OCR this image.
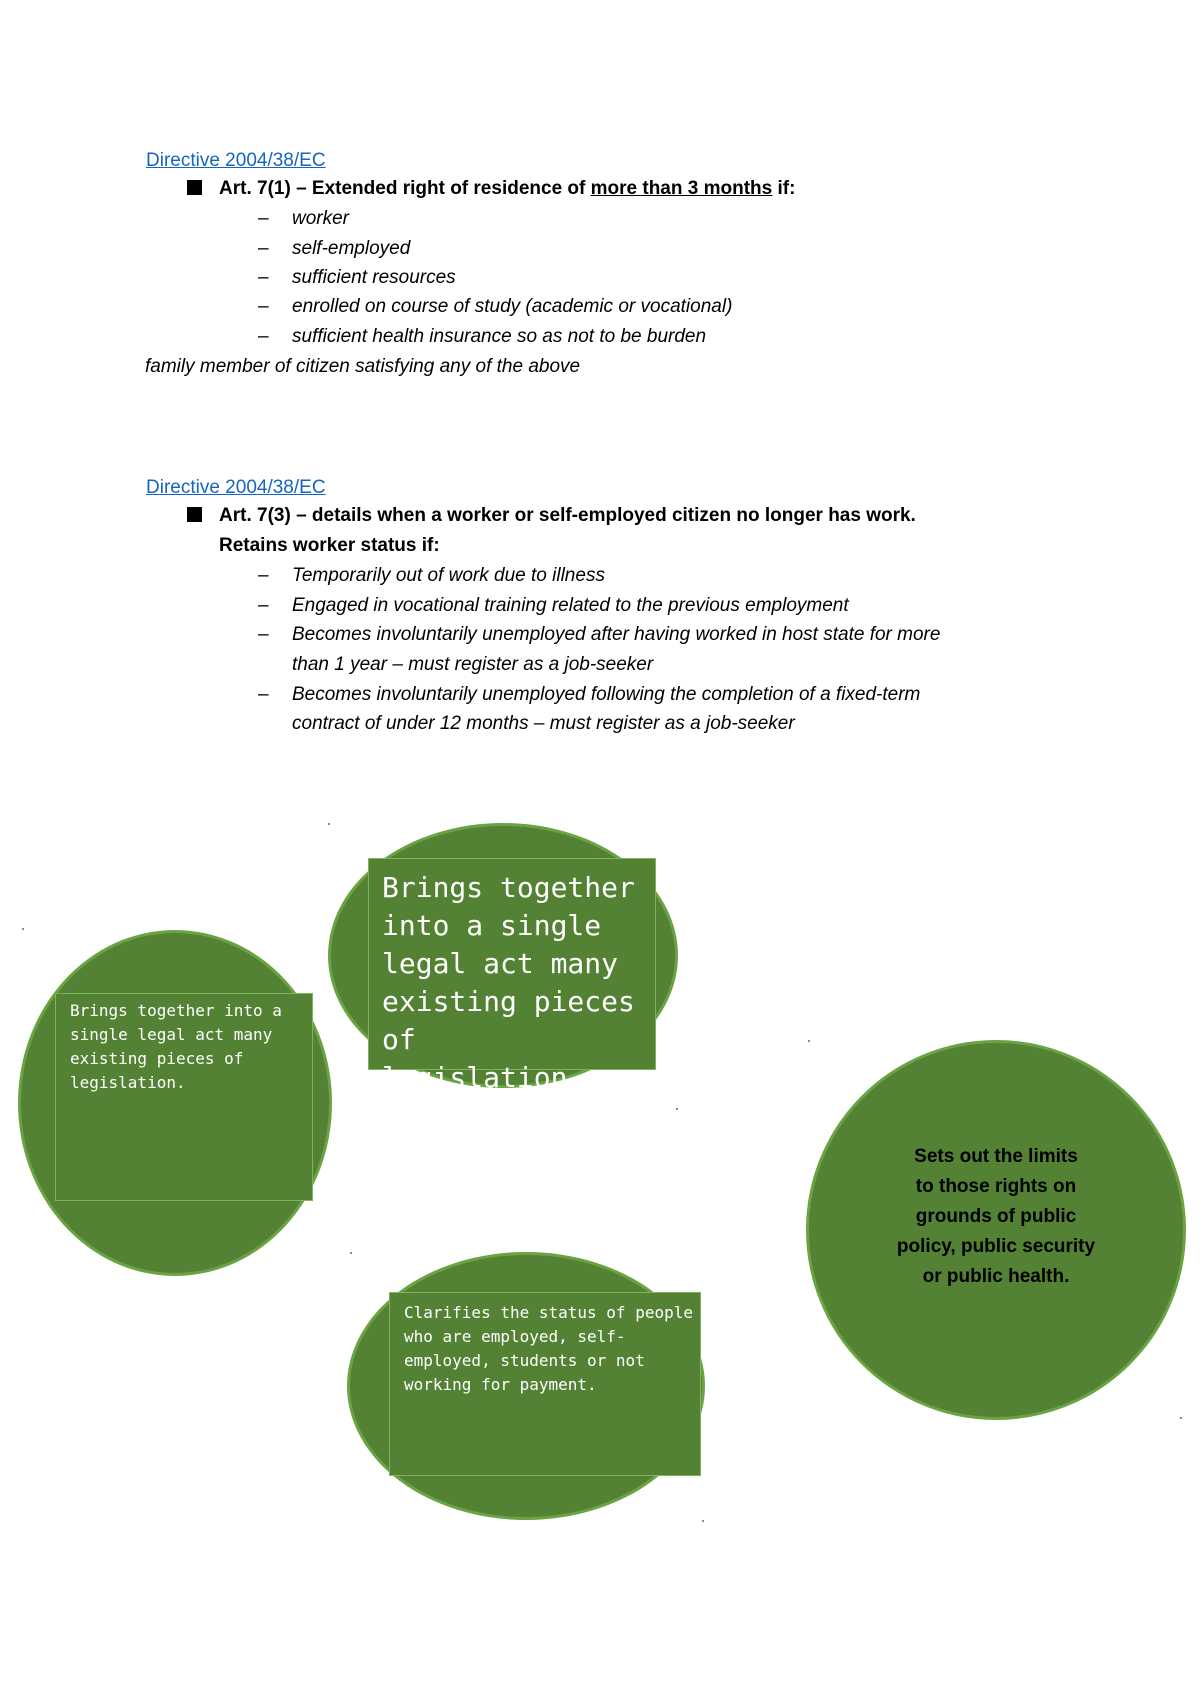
Directive 2004/38/EC
Art. 7(1) – Extended right of residence of more than 3 months if:
– worker
– self-employed
– sufficient resources
– enrolled on course of study (academic or vocational)
– sufficient health insurance so as not to be burden
family member of citizen satisfying any of the above
Directive 2004/38/EC
Art. 7(3) – details when a worker or self-employed citizen no longer has work.
Retains worker status if:
– Temporarily out of work due to illness
– Engaged in vocational training related to the previous employment
– Becomes involuntarily unemployed after having worked in host state for more
than 1 year – must register as a job-seeker
– Becomes involuntarily unemployed following the completion of a fixed-term
contract of under 12 months – must register as a job-seeker
Brings together into a
single legal act many
existing pieces of
legislation.
Brings together
into a single
legal act many
existing pieces of
legislation.
Clarifies the status of people
who are employed, self-
employed, students or not
working for payment.
Sets out the limits
to those rights on
grounds of public
policy, public security
or public health.
